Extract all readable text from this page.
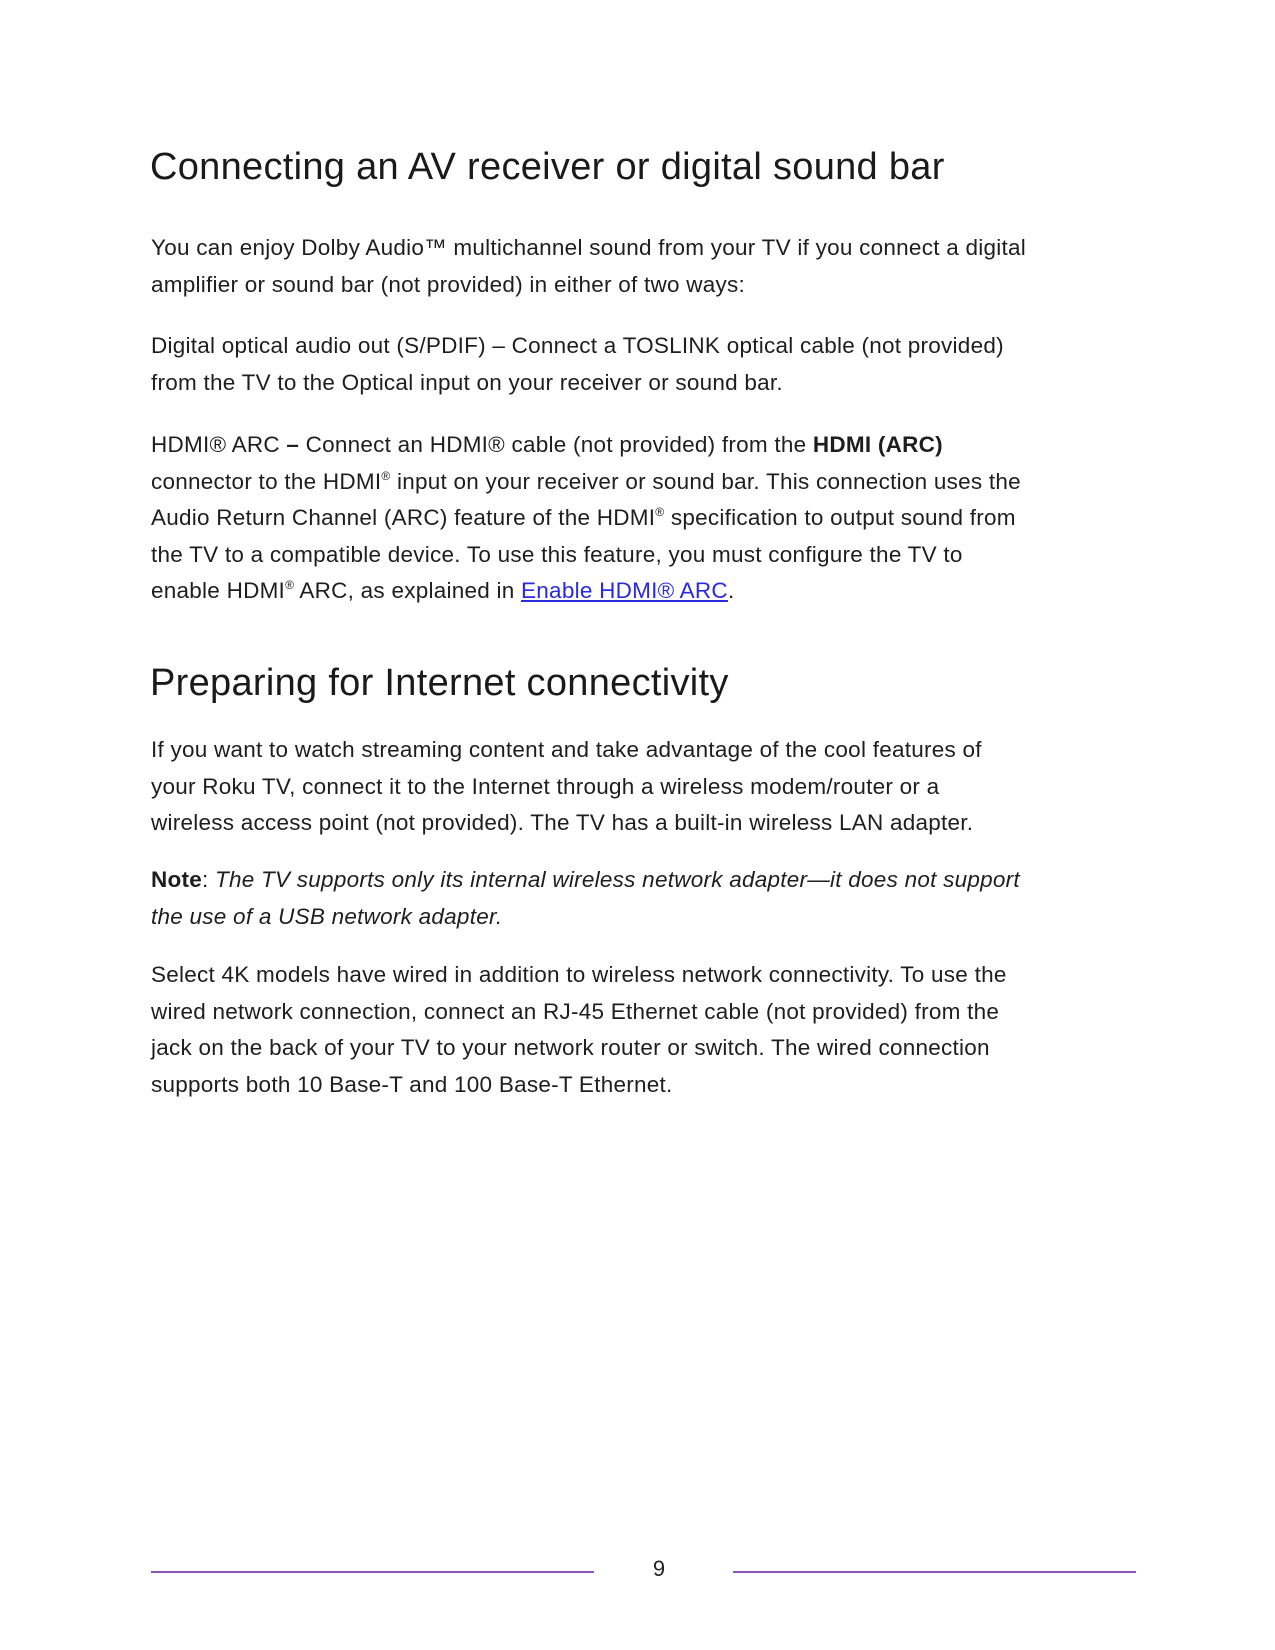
Connecting an AV receiver or digital sound bar
You can enjoy Dolby Audio™ multichannel sound from your TV if you connect a digital
amplifier or sound bar (not provided) in either of two ways:
Digital optical audio out (S/PDIF) – Connect a TOSLINK optical cable (not provided)
from the TV to the Optical input on your receiver or sound bar.
HDMI® ARC – Connect an HDMI® cable (not provided) from the HDMI (ARC)
connector to the HDMI® input on your receiver or sound bar. This connection uses the
Audio Return Channel (ARC) feature of the HDMI® specification to output sound from
the TV to a compatible device. To use this feature, you must configure the TV to
enable HDMI® ARC, as explained in Enable HDMI® ARC.
Preparing for Internet connectivity
If you want to watch streaming content and take advantage of the cool features of
your Roku TV, connect it to the Internet through a wireless modem/router or a
wireless access point (not provided). The TV has a built-in wireless LAN adapter.
Note: The TV supports only its internal wireless network adapter—it does not support
the use of a USB network adapter.
Select 4K models have wired in addition to wireless network connectivity. To use the
wired network connection, connect an RJ-45 Ethernet cable (not provided) from the
jack on the back of your TV to your network router or switch. The wired connection
supports both 10 Base-T and 100 Base-T Ethernet.
9
